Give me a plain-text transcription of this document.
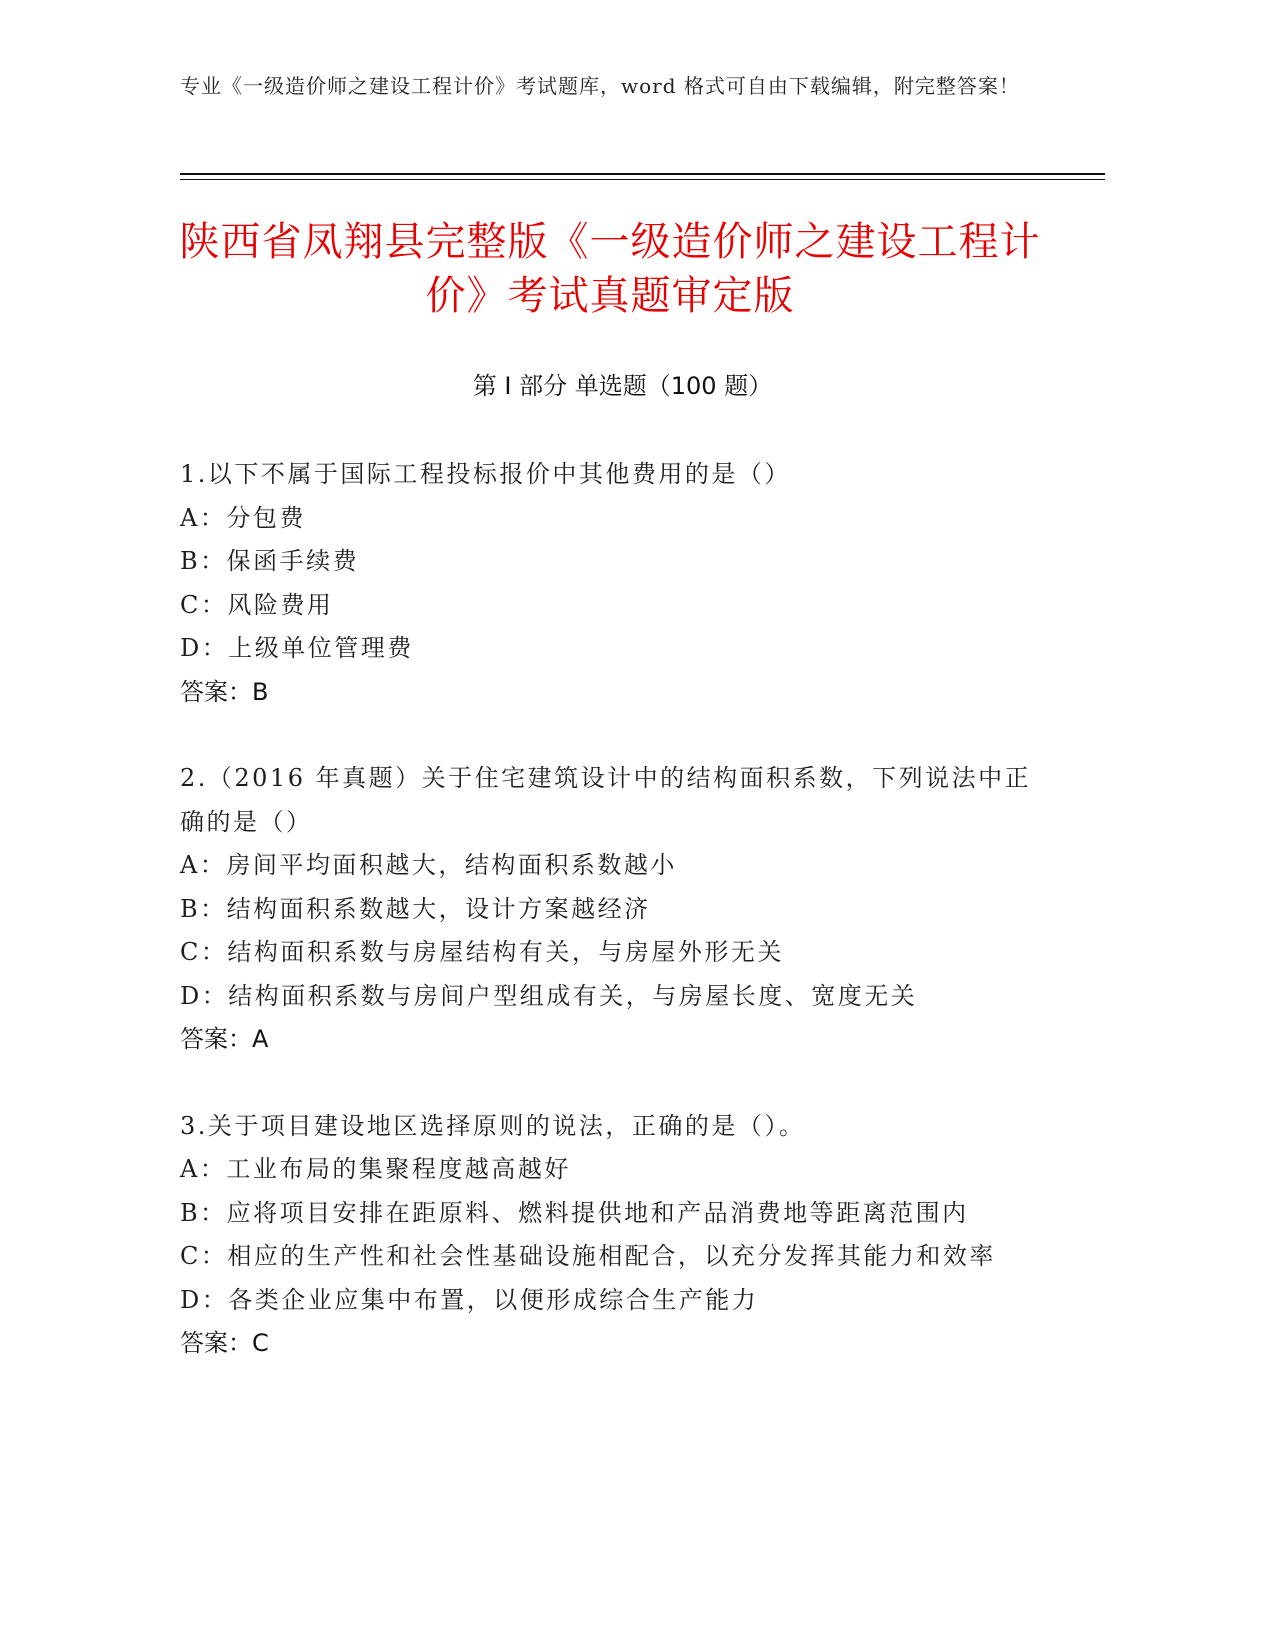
专业《一级造价师之建设工程计价》考试题库，word 格式可自由下载编辑，附完整答案！
陕西省凤翔县完整版《一级造价师之建设工程计价》考试真题审定版
第 I 部分 单选题（100 题）
1.以下不属于国际工程投标报价中其他费用的是（）
A：分包费
B：保函手续费
C：风险费用
D：上级单位管理费
答案：B
2.（2016 年真题）关于住宅建筑设计中的结构面积系数，下列说法中正确的是（）
A：房间平均面积越大，结构面积系数越小
B：结构面积系数越大，设计方案越经济
C：结构面积系数与房屋结构有关，与房屋外形无关
D：结构面积系数与房间户型组成有关，与房屋长度、宽度无关
答案：A
3.关于项目建设地区选择原则的说法，正确的是（）。
A：工业布局的集聚程度越高越好
B：应将项目安排在距原料、燃料提供地和产品消费地等距离范围内
C：相应的生产性和社会性基础设施相配合，以充分发挥其能力和效率
D：各类企业应集中布置，以便形成综合生产能力
答案：C
